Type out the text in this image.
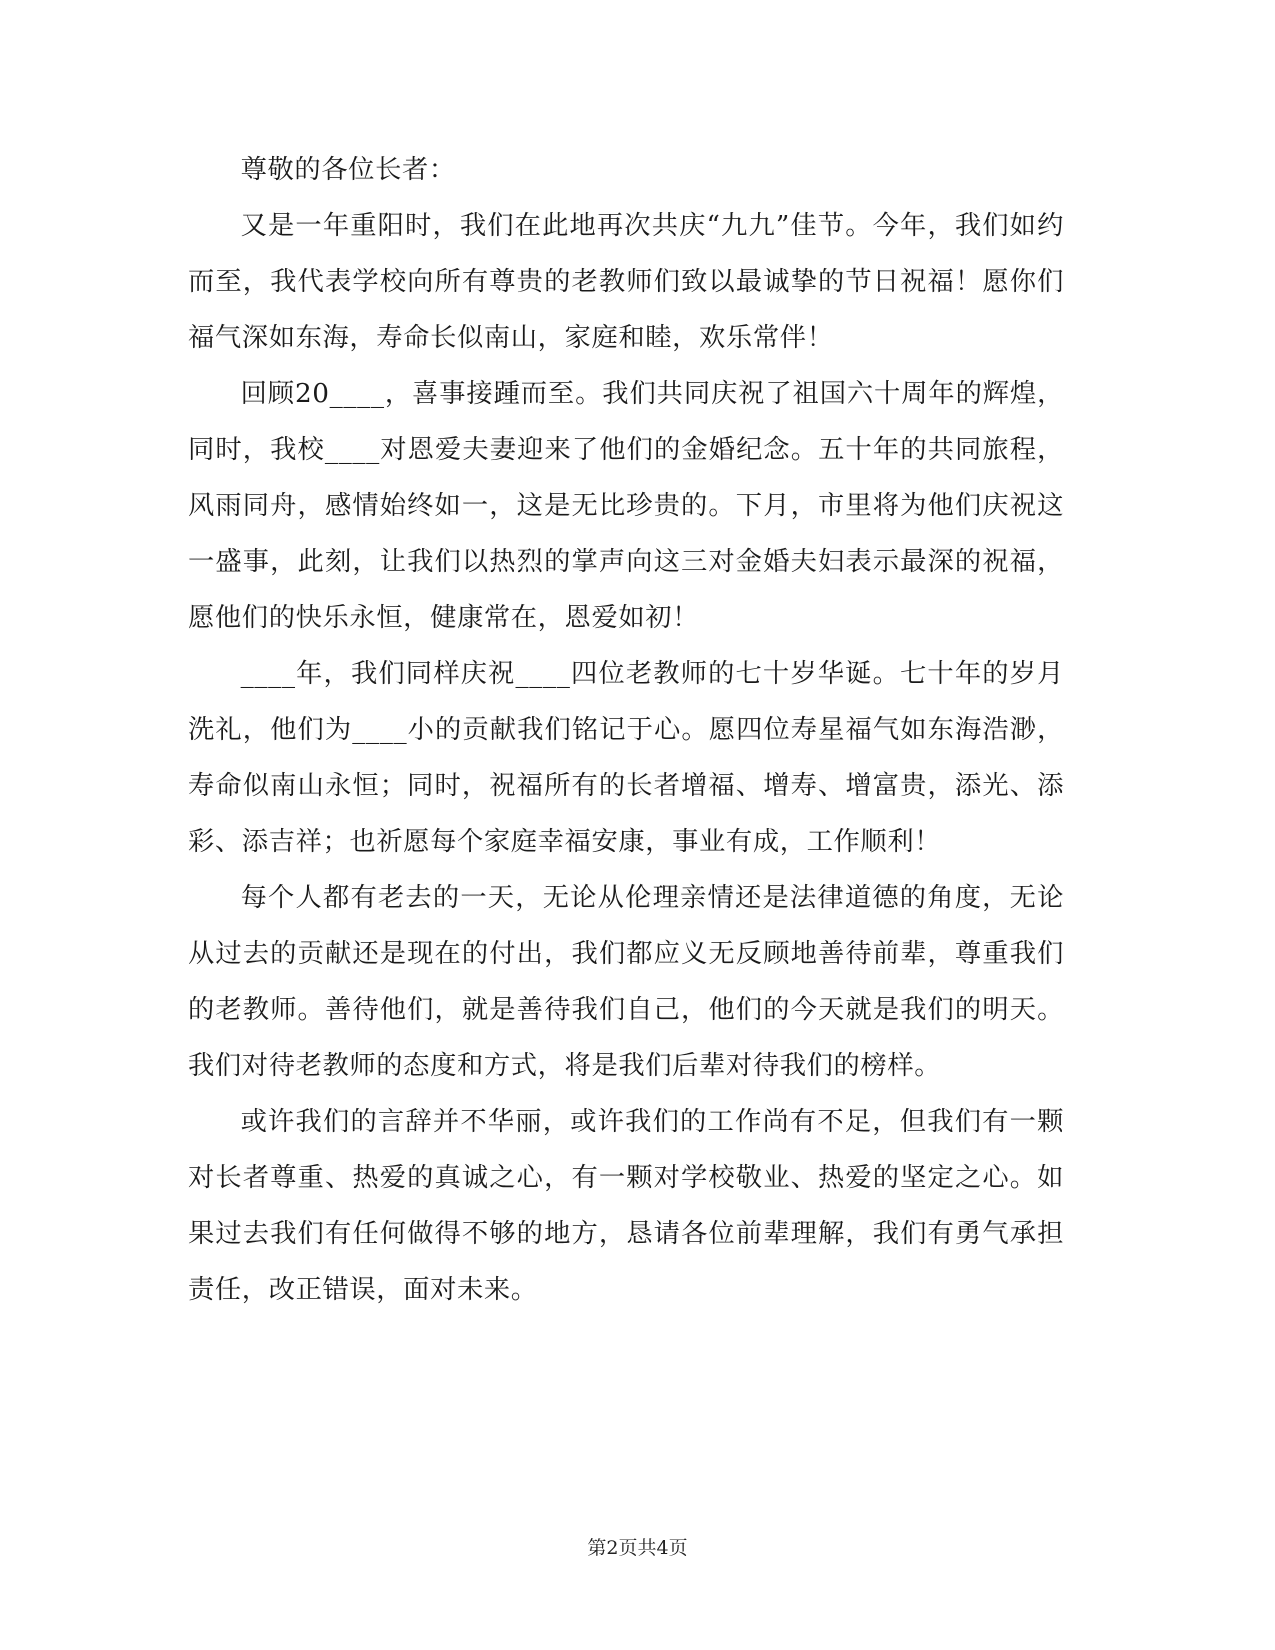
尊敬的各位长者：

又是一年重阳时，我们在此地再次共庆“九九”佳节。今年，我们如约而至，我代表学校向所有尊贵的老教师们致以最诚挚的节日祝福！愿你们福气深如东海，寿命长似南山，家庭和睦，欢乐常伴！

回顾20____，喜事接踵而至。我们共同庆祝了祖国六十周年的辉煌，同时，我校____对恩爱夫妻迎来了他们的金婚纪念。五十年的共同旅程，风雨同舟，感情始终如一，这是无比珍贵的。下月，市里将为他们庆祝这一盛事，此刻，让我们以热烈的掌声向这三对金婚夫妇表示最深的祝福，愿他们的快乐永恒，健康常在，恩爱如初！

____年，我们同样庆祝____四位老教师的七十岁华诞。七十年的岁月洗礼，他们为____小的贡献我们铭记于心。愿四位寿星福气如东海浩渺，寿命似南山永恒；同时，祝福所有的长者增福、增寿、增富贵，添光、添彩、添吉祥；也祈愿每个家庭幸福安康，事业有成，工作顺利！

每个人都有老去的一天，无论从伦理亲情还是法律道德的角度，无论从过去的贡献还是现在的付出，我们都应义无反顾地善待前辈，尊重我们的老教师。善待他们，就是善待我们自己，他们的今天就是我们的明天。我们对待老教师的态度和方式，将是我们后辈对待我们的榜样。

或许我们的言辞并不华丽，或许我们的工作尚有不足，但我们有一颗对长者尊重、热爱的真诚之心，有一颗对学校敬业、热爱的坚定之心。如果过去我们有任何做得不够的地方，恳请各位前辈理解，我们有勇气承担责任，改正错误，面对未来。

第2页共4页
